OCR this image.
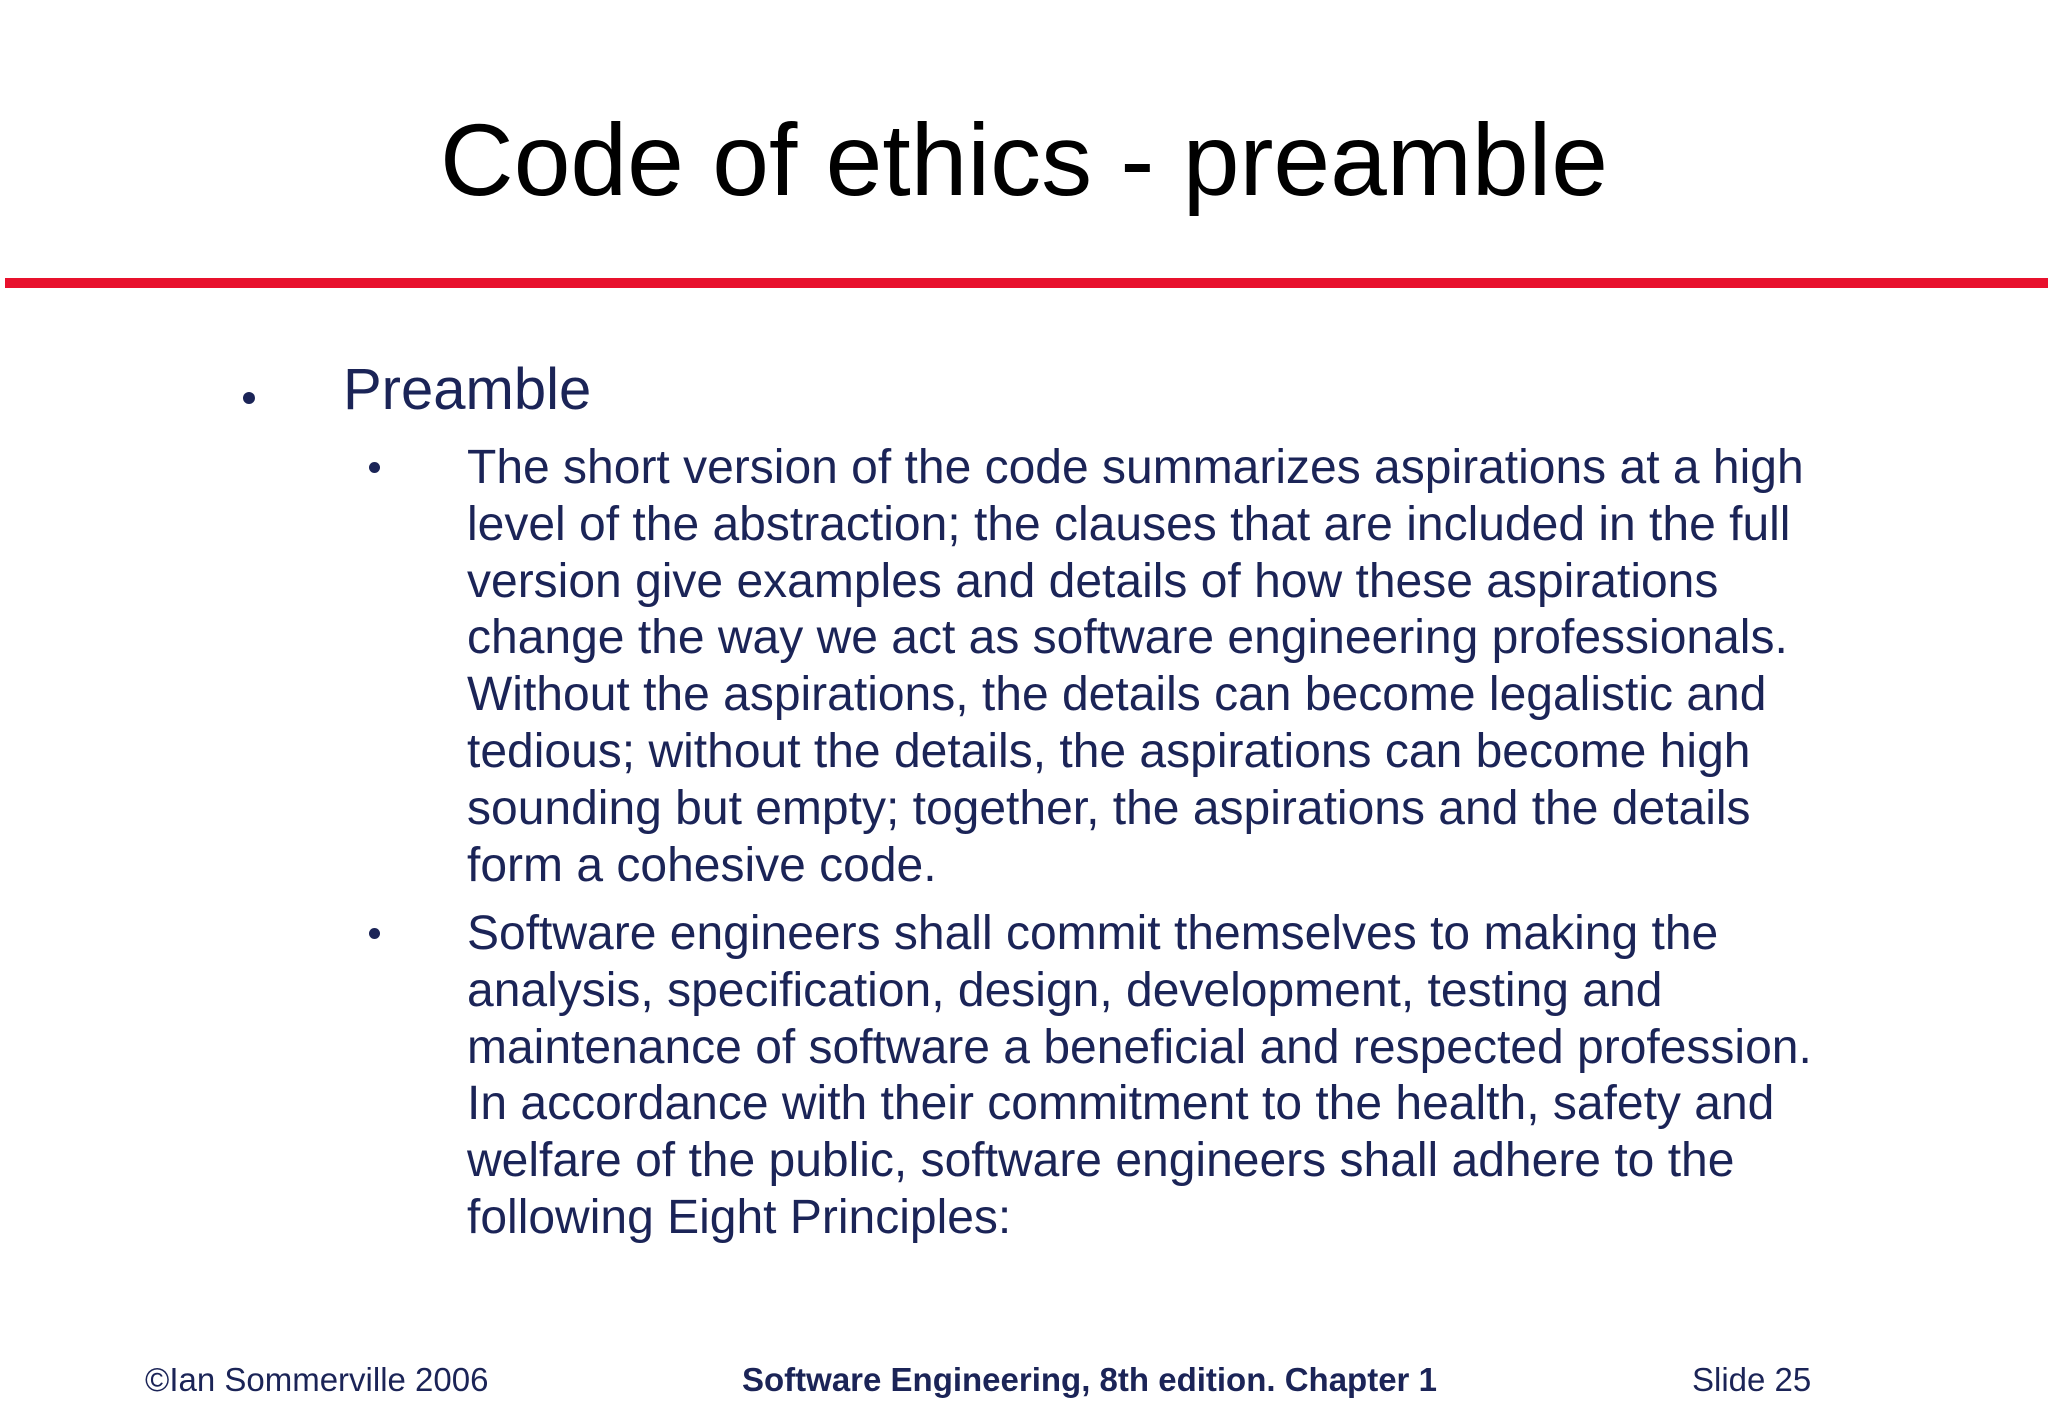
Code of ethics - preamble
Preamble
The short version of the code summarizes aspirations at a high
level of the abstraction; the clauses that are included in the full
version give examples and details of how these aspirations
change the way we act as software engineering professionals.
Without the aspirations, the details can become legalistic and
tedious; without the details, the aspirations can become high
sounding but empty; together, the aspirations and the details
form a cohesive code.
Software engineers shall commit themselves to making the
analysis, specification, design, development, testing and
maintenance of software a beneficial and respected profession.
In accordance with their commitment to the health, safety and
welfare of the public, software engineers shall adhere to the
following Eight Principles:
©Ian Sommerville 2006	Software Engineering, 8th edition. Chapter 1	Slide 25
